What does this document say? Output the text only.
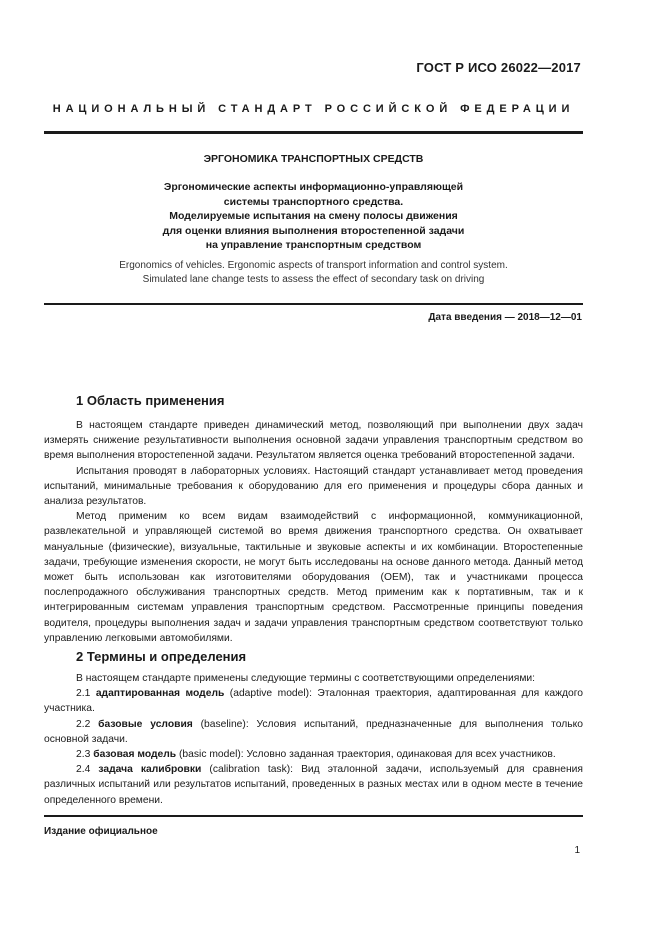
ГОСТ Р ИСО 26022—2017
НАЦИОНАЛЬНЫЙ СТАНДАРТ РОССИЙСКОЙ ФЕДЕРАЦИИ
ЭРГОНОМИКА ТРАНСПОРТНЫХ СРЕДСТВ
Эргономические аспекты информационно-управляющей
системы транспортного средства.
Моделируемые испытания на смену полосы движения
для оценки влияния выполнения второстепенной задачи
на управление транспортным средством
Ergonomics of vehicles. Ergonomic aspects of transport information and control system.
Simulated lane change tests to assess the effect of secondary task on driving
Дата введения — 2018—12—01
1 Область применения

В настоящем стандарте приведен динамический метод, позволяющий при выполнении двух задач измерять снижение результативности выполнения основной задачи управления транспортным средством во время выполнения второстепенной задачи. Результатом является оценка требований второстепенной задачи.

Испытания проводят в лабораторных условиях. Настоящий стандарт устанавливает метод проведения испытаний, минимальные требования к оборудованию для его применения и процедуры сбора данных и анализа результатов.

Метод применим ко всем видам взаимодействий с информационной, коммуникационной, развлекательной и управляющей системой во время движения транспортного средства. Он охватывает мануальные (физические), визуальные, тактильные и звуковые аспекты и их комбинации. Второстепенные задачи, требующие изменения скорости, не могут быть исследованы на основе данного метода. Данный метод может быть использован как изготовителями оборудования (ОЕМ), так и участниками процесса послепродажного обслуживания транспортных средств. Метод применим как к портативным, так и к интегрированным системам управления транспортным средством. Рассмотренные принципы поведения водителя, процедуры выполнения задач и задачи управления транспортным средством соответствуют только управлению легковыми автомобилями.

2 Термины и определения

В настоящем стандарте применены следующие термины с соответствующими определениями:

2.1 адаптированная модель (adaptive model): Эталонная траектория, адаптированная для каждого участника.

2.2 базовые условия (baseline): Условия испытаний, предназначенные для выполнения только основной задачи.

2.3 базовая модель (basic model): Условно заданная траектория, одинаковая для всех участников.

2.4 задача калибровки (calibration task): Вид эталонной задачи, используемый для сравнения различных испытаний или результатов испытаний, проведенных в разных местах или в одном месте в течение определенного времени.

Издание официальное
1
